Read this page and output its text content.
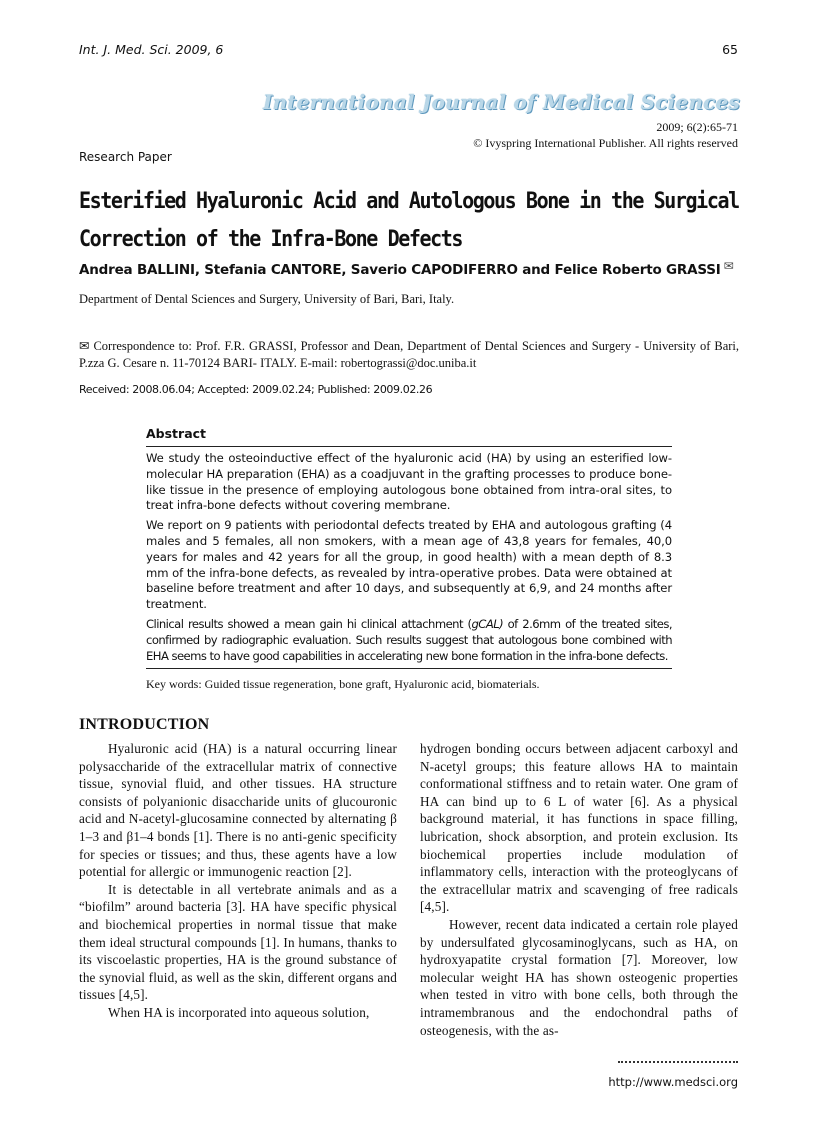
Int. J. Med. Sci. 2009, 6	65
International Journal of Medical Sciences
2009; 6(2):65-71
© Ivyspring International Publisher. All rights reserved
Research Paper
Esterified Hyaluronic Acid and Autologous Bone in the Surgical Correction of the Infra-Bone Defects
Andrea BALLINI, Stefania CANTORE, Saverio CAPODIFERRO and Felice Roberto GRASSI ✉
Department of Dental Sciences and Surgery, University of Bari, Bari, Italy.
✉ Correspondence to: Prof. F.R. GRASSI, Professor and Dean, Department of Dental Sciences and Surgery - University of Bari, P.zza G. Cesare n. 11-70124 BARI- ITALY. E-mail: robertograssi@doc.uniba.it
Received: 2008.06.04; Accepted: 2009.02.24; Published: 2009.02.26
Abstract

We study the osteoinductive effect of the hyaluronic acid (HA) by using an esterified low-molecular HA preparation (EHA) as a coadjuvant in the grafting processes to produce bone-like tissue in the presence of employing autologous bone obtained from intra-oral sites, to treat infra-bone defects without covering membrane.

We report on 9 patients with periodontal defects treated by EHA and autologous grafting (4 males and 5 females, all non smokers, with a mean age of 43,8 years for females, 40,0 years for males and 42 years for all the group, in good health) with a mean depth of 8.3 mm of the infra-bone defects, as revealed by intra-operative probes. Data were obtained at baseline before treatment and after 10 days, and subsequently at 6,9, and 24 months after treatment.

Clinical results showed a mean gain hi clinical attachment (gCAL) of 2.6mm of the treated sites, confirmed by radiographic evaluation. Such results suggest that autologous bone combined with EHA seems to have good capabilities in accelerating new bone formation in the infra-bone defects.

Key words: Guided tissue regeneration, bone graft, Hyaluronic acid, biomaterials.
INTRODUCTION

Hyaluronic acid (HA) is a natural occurring linear polysaccharide of the extracellular matrix of connective tissue, synovial fluid, and other tissues. HA structure consists of polyanionic disaccharide units of glucouronic acid and N-acetyl-glucosamine connected by alternating β 1–3 and β1–4 bonds [1]. There is no anti-genic specificity for species or tissues; and thus, these agents have a low potential for allergic or immunogenic reaction [2].

It is detectable in all vertebrate animals and as a “biofilm” around bacteria [3]. HA have specific physical and biochemical properties in normal tissue that make them ideal structural compounds [1]. In humans, thanks to its viscoelastic properties, HA is the ground substance of the synovial fluid, as well as the skin, different organs and tissues [4,5].

When HA is incorporated into aqueous solution,

hydrogen bonding occurs between adjacent carboxyl and N-acetyl groups; this feature allows HA to maintain conformational stiffness and to retain water. One gram of HA can bind up to 6 L of water [6]. As a physical background material, it has functions in space filling, lubrication, shock absorption, and protein exclusion. Its biochemical properties include modulation of inflammatory cells, interaction with the proteoglycans of the extracellular matrix and scavenging of free radicals [4,5].

However, recent data indicated a certain role played by undersulfated glycosaminoglycans, such as HA, on hydroxyapatite crystal formation [7]. Moreover, low molecular weight HA has shown osteogenic properties when tested in vitro with bone cells, both through the intramembranous and the endochondral paths of osteogenesis, with the as-

http://www.medsci.org
